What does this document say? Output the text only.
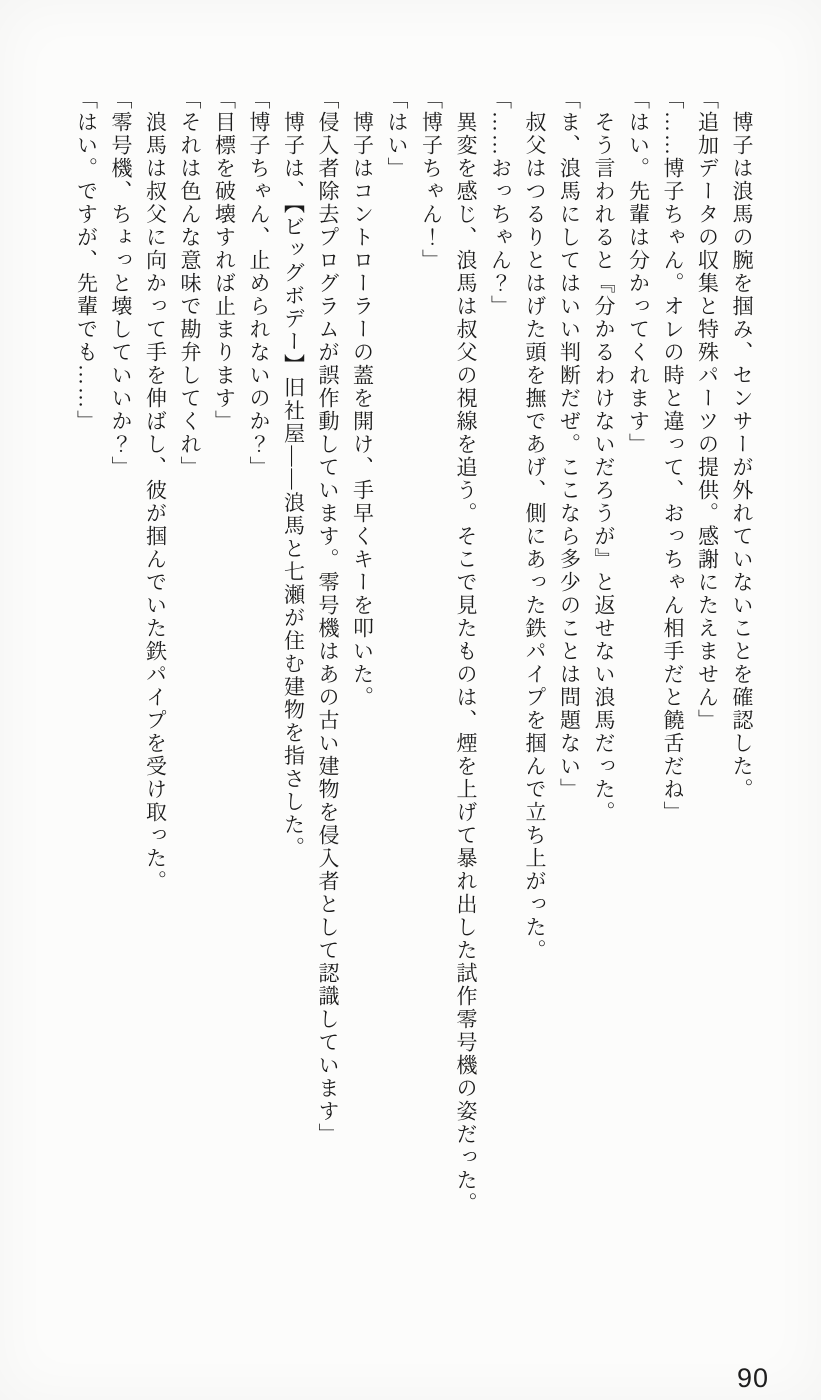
　博子は浪馬の腕を掴み、センサーが外れていないことを確認した。

「追加データの収集と特殊パーツの提供。感謝にたえません」

「……博子ちゃん。オレの時と違って、おっちゃん相手だと饒舌だね」

「はい。先輩は分かってくれます」

　そう言われると『分かるわけないだろうが』と返せない浪馬だった。

「ま、浪馬にしてはいい判断だぜ。ここなら多少のことは問題ない」

　叔父はつるりとはげた頭を撫であげ、側にあった鉄パイプを掴んで立ち上がった。

「……おっちゃん？」

　異変を感じ、浪馬は叔父の視線を追う。そこで見たものは、煙を上げて暴れ出した試作零号機の姿だった。

「博子ちゃん！」

「はい」

　博子はコントローラーの蓋を開け、手早くキーを叩いた。

「侵入者除去プログラムが誤作動しています。零号機はあの古い建物を侵入者として認識しています」

　博子は、【ビッグボデー】旧社屋――浪馬と七瀬が住む建物を指さした。

「博子ちゃん、止められないのか？」

「目標を破壊すれば止まります」

「それは色んな意味で勘弁してくれ」

　浪馬は叔父に向かって手を伸ばし、彼が掴んでいた鉄パイプを受け取った。

「零号機、ちょっと壊していいか？」

「はい。ですが、先輩でも……」

90
